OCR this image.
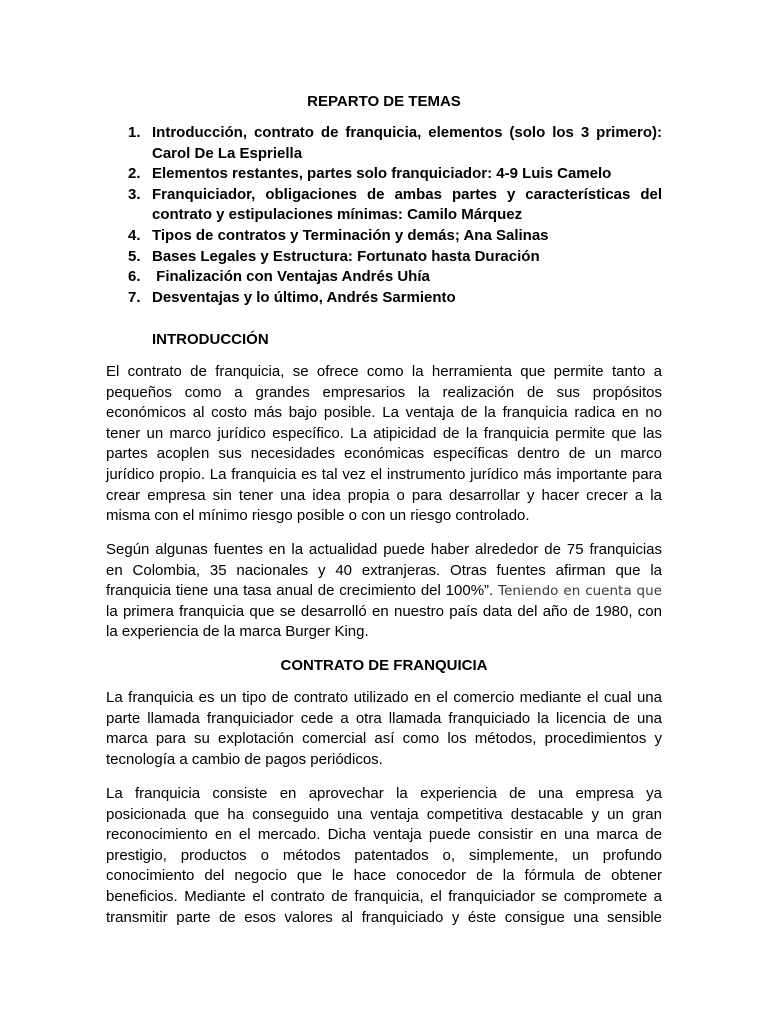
REPARTO DE TEMAS
1. Introducción, contrato de franquicia, elementos (solo los 3 primero):
Carol De La Espriella
2. Elementos restantes, partes solo franquiciador: 4-9 Luis Camelo
3. Franquiciador, obligaciones de ambas partes y características del
contrato y estipulaciones mínimas: Camilo Márquez
4. Tipos de contratos y Terminación y demás; Ana Salinas
5. Bases Legales y Estructura: Fortunato hasta Duración
6. Finalización con Ventajas Andrés Uhía
7. Desventajas y lo último, Andrés Sarmiento
INTRODUCCIÓN

El contrato de franquicia, se ofrece como la herramienta que permite tanto a
pequeños como a grandes empresarios la realización de sus propósitos
económicos al costo más bajo posible. La ventaja de la franquicia radica en no
tener un marco jurídico específico. La atipicidad de la franquicia permite que las
partes acoplen sus necesidades económicas específicas dentro de un marco
jurídico propio. La franquicia es tal vez el instrumento jurídico más importante para
crear empresa sin tener una idea propia o para desarrollar y hacer crecer a la
misma con el mínimo riesgo posible o con un riesgo controlado.

Según algunas fuentes en la actualidad puede haber alrededor de 75 franquicias
en Colombia, 35 nacionales y 40 extranjeras. Otras fuentes afirman que la
franquicia tiene una tasa anual de crecimiento del 100%”. Teniendo en cuenta que
la primera franquicia que se desarrolló en nuestro país data del año de 1980, con
la experiencia de la marca Burger King.

CONTRATO DE FRANQUICIA

La franquicia es un tipo de contrato utilizado en el comercio mediante el cual una
parte llamada franquiciador cede a otra llamada franquiciado la licencia de una
marca para su explotación comercial así como los métodos, procedimientos y
tecnología a cambio de pagos periódicos.

La franquicia consiste en aprovechar la experiencia de una empresa ya
posicionada que ha conseguido una ventaja competitiva destacable y un gran
reconocimiento en el mercado. Dicha ventaja puede consistir en una marca de
prestigio, productos o métodos patentados o, simplemente, un profundo
conocimiento del negocio que le hace conocedor de la fórmula de obtener
beneficios. Mediante el contrato de franquicia, el franquiciador se compromete a
transmitir parte de esos valores al franquiciado y éste consigue una sensible
